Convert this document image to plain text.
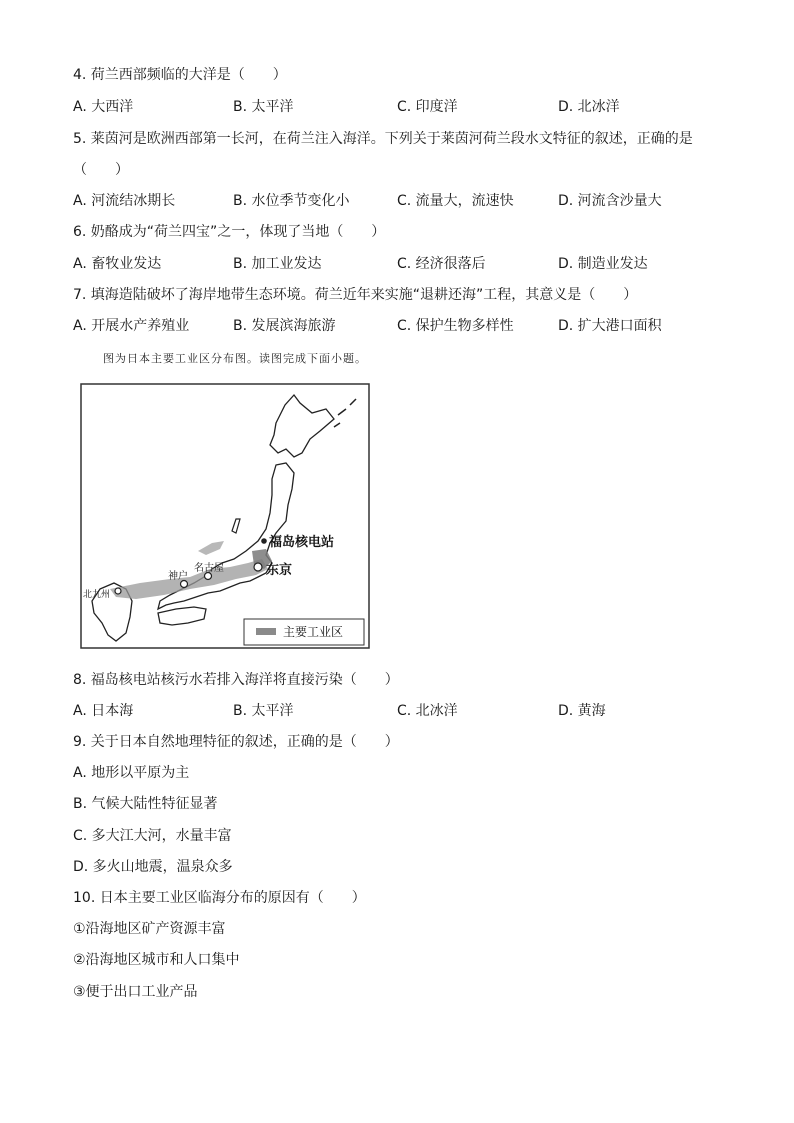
4. 荷兰西部频临的大洋是（　　）
A. 大西洋	B. 太平洋	C. 印度洋	D. 北冰洋
5. 莱茵河是欧洲西部第一长河，在荷兰注入海洋。下列关于莱茵河荷兰段水文特征的叙述，正确的是
（　　）
A. 河流结冰期长	B. 水位季节变化小	C. 流量大，流速快	D. 河流含沙量大
6. 奶酪成为“荷兰四宝”之一，体现了当地（　　）
A. 畜牧业发达	B. 加工业发达	C. 经济很落后	D. 制造业发达
7. 填海造陆破坏了海岸地带生态环境。荷兰近年来实施“退耕还海”工程，其意义是（　　）
A. 开展水产养殖业	B. 发展滨海旅游	C. 保护生物多样性	D. 扩大港口面积
图为日本主要工业区分布图。读图完成下面小题。
福岛核电站
东京
名古屋
神户
北九州
主要工业区
8. 福岛核电站核污水若排入海洋将直接污染（　　）
A. 日本海	B. 太平洋	C. 北冰洋	D. 黄海
9. 关于日本自然地理特征的叙述，正确的是（　　）
A. 地形以平原为主
B. 气候大陆性特征显著
C. 多大江大河，水量丰富
D. 多火山地震，温泉众多
10. 日本主要工业区临海分布的原因有（　　）
①沿海地区矿产资源丰富
②沿海地区城市和人口集中
③便于出口工业产品
